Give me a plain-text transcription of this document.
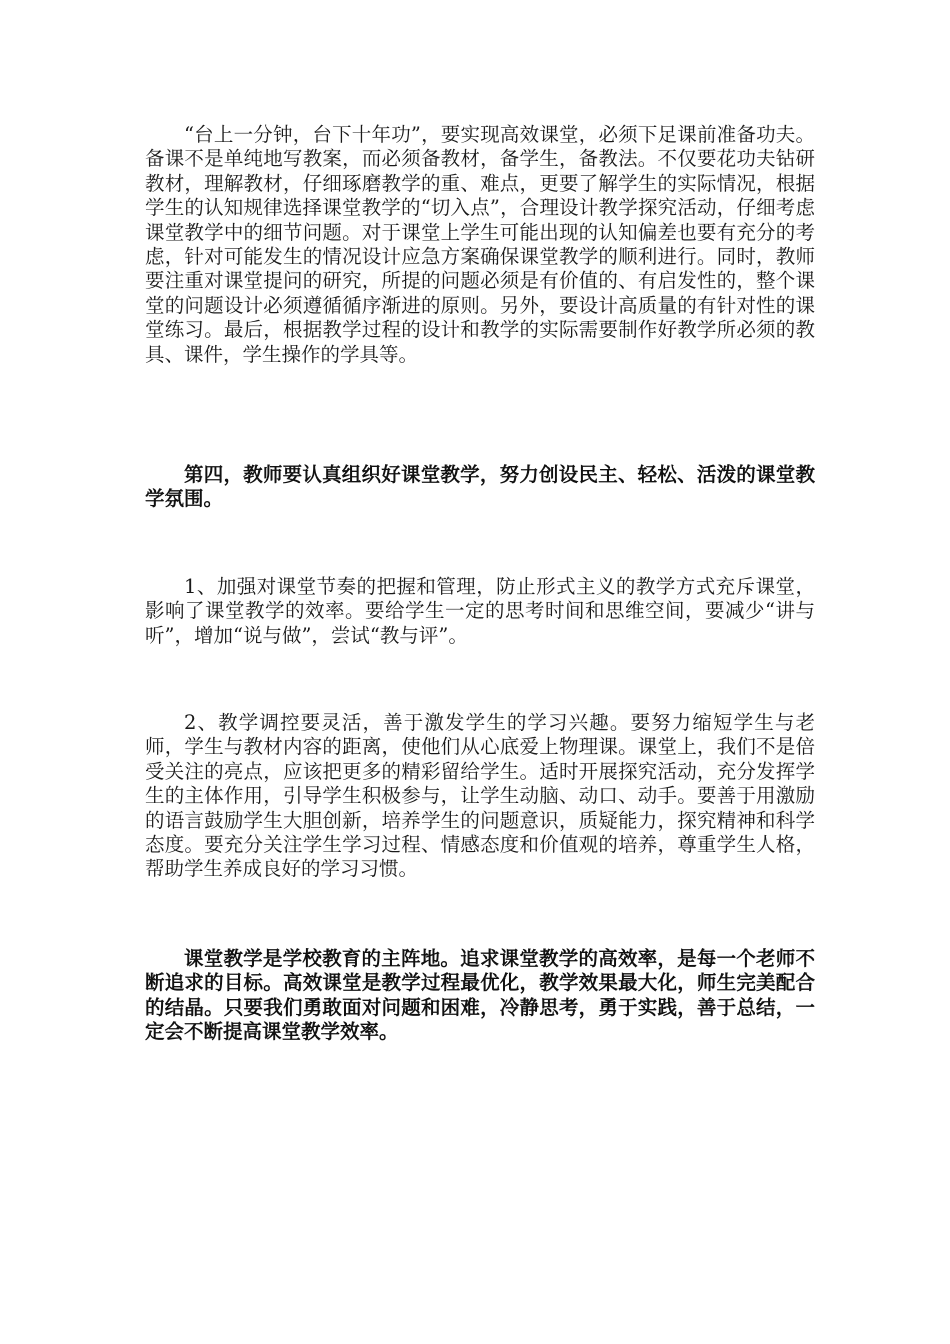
“台上一分钟，台下十年功”，要实现高效课堂，必须下足课前准备功夫。备课不是单纯地写教案，而必须备教材，备学生，备教法。不仅要花功夫钻研教材，理解教材，仔细琢磨教学的重、难点，更要了解学生的实际情况，根据学生的认知规律选择课堂教学的“切入点”，合理设计教学探究活动，仔细考虑课堂教学中的细节问题。对于课堂上学生可能出现的认知偏差也要有充分的考虑，针对可能发生的情况设计应急方案确保课堂教学的顺利进行。同时，教师要注重对课堂提问的研究，所提的问题必须是有价值的、有启发性的，整个课堂的问题设计必须遵循循序渐进的原则。另外，要设计高质量的有针对性的课堂练习。最后，根据教学过程的设计和教学的实际需要制作好教学所必须的教具、课件，学生操作的学具等。

第四，教师要认真组织好课堂教学，努力创设民主、轻松、活泼的课堂教学氛围。

1、加强对课堂节奏的把握和管理，防止形式主义的教学方式充斥课堂，影响了课堂教学的效率。要给学生一定的思考时间和思维空间，要减少“讲与听”，增加“说与做”，尝试“教与评”。

2、教学调控要灵活，善于激发学生的学习兴趣。要努力缩短学生与老师，学生与教材内容的距离，使他们从心底爱上物理课。课堂上，我们不是倍受关注的亮点，应该把更多的精彩留给学生。适时开展探究活动，充分发挥学生的主体作用，引导学生积极参与，让学生动脑、动口、动手。要善于用激励的语言鼓励学生大胆创新，培养学生的问题意识，质疑能力，探究精神和科学态度。要充分关注学生学习过程、情感态度和价值观的培养，尊重学生人格，帮助学生养成良好的学习习惯。

课堂教学是学校教育的主阵地。追求课堂教学的高效率，是每一个老师不断追求的目标。高效课堂是教学过程最优化，教学效果最大化，师生完美配合的结晶。只要我们勇敢面对问题和困难，冷静思考，勇于实践，善于总结，一定会不断提高课堂教学效率。
